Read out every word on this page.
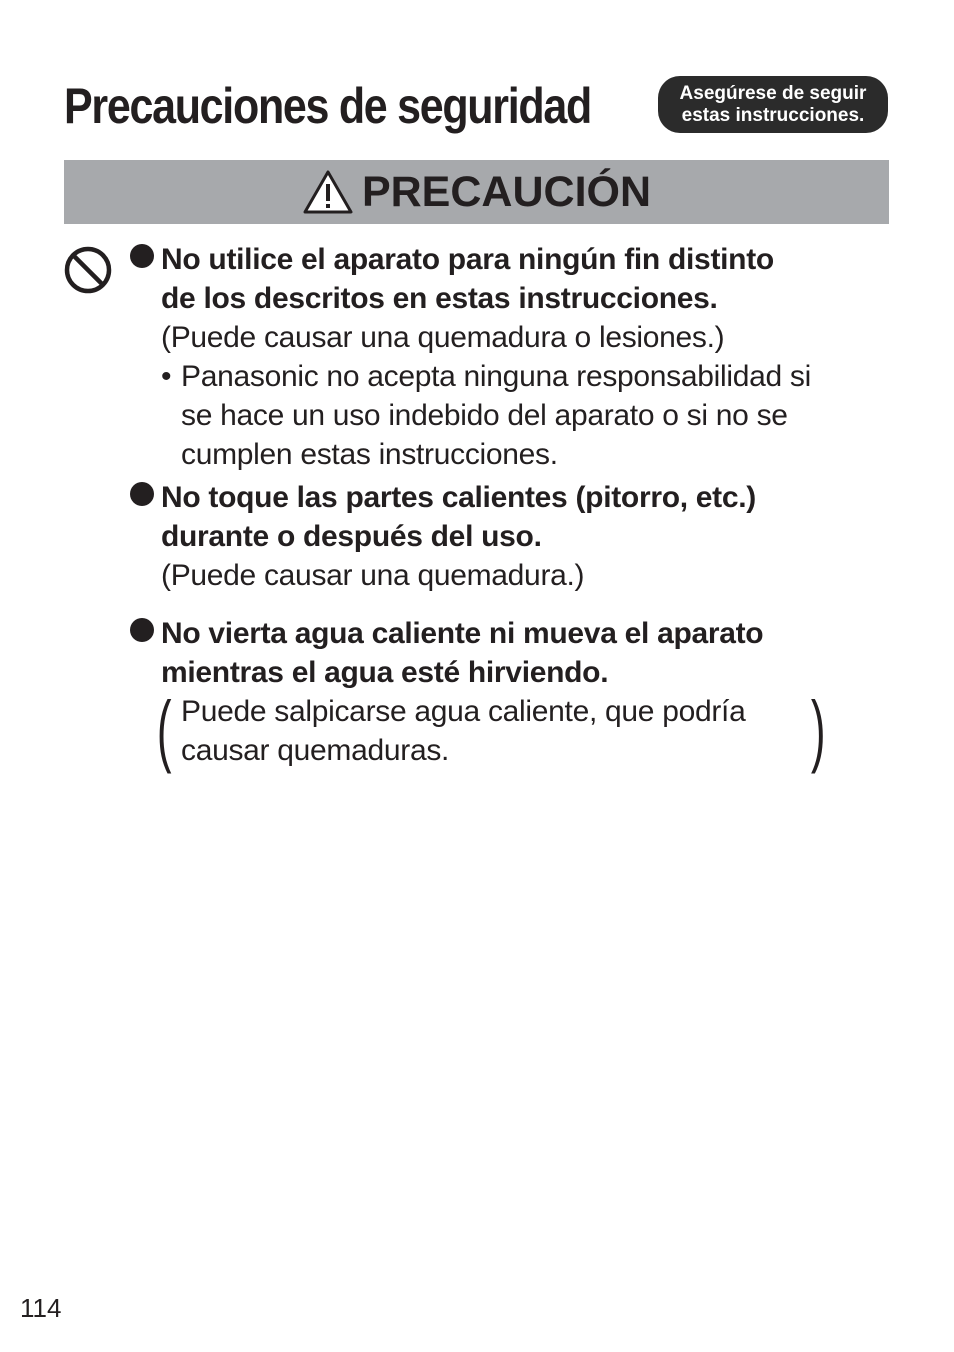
Precauciones de seguridad	Asegúrese de seguir
estas instrucciones.
PRECAUCIÓN

No utilice el aparato para ningún fin distinto
de los descritos en estas instrucciones.

(Puede causar una quemadura o lesiones.)

• Panasonic no acepta ninguna responsabilidad si
se hace un uso indebido del aparato o si no se
cumplen estas instrucciones.

No toque las partes calientes (pitorro, etc.)
durante o después del uso.

(Puede causar una quemadura.)

No vierta agua caliente ni mueva el aparato
mientras el agua esté hirviendo.

( Puede salpicarse agua caliente, que podría
causar quemaduras.	)
114
